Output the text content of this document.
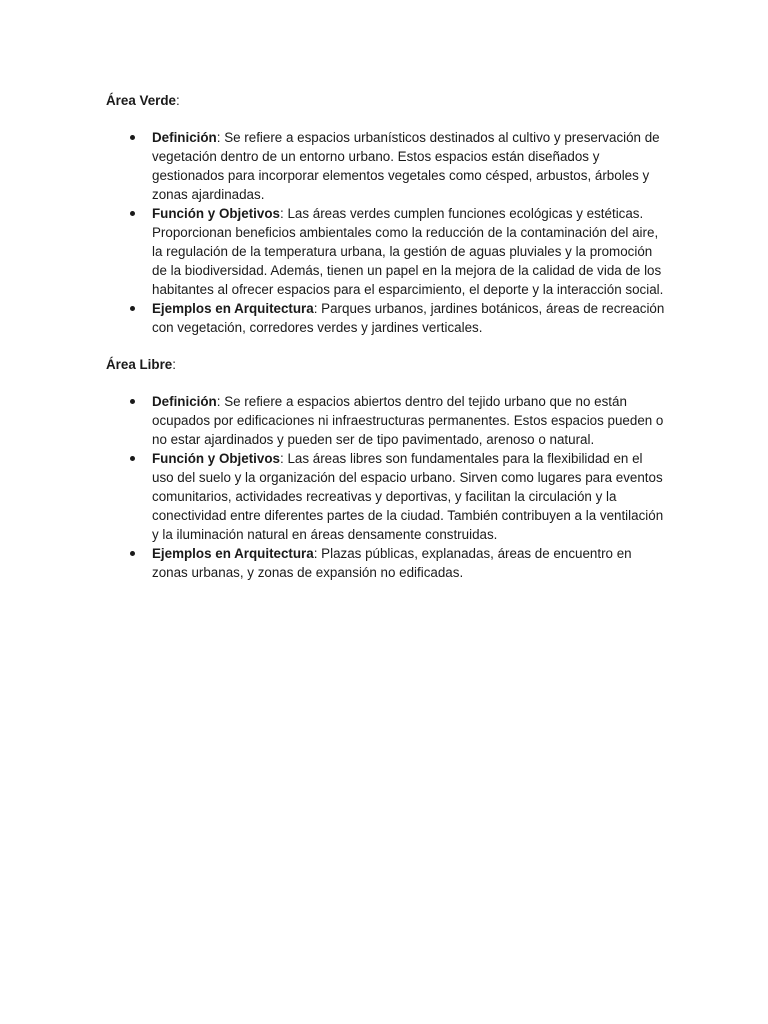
Área Verde:
Definición: Se refiere a espacios urbanísticos destinados al cultivo y preservación de vegetación dentro de un entorno urbano. Estos espacios están diseñados y gestionados para incorporar elementos vegetales como césped, arbustos, árboles y zonas ajardinadas.
Función y Objetivos: Las áreas verdes cumplen funciones ecológicas y estéticas. Proporcionan beneficios ambientales como la reducción de la contaminación del aire, la regulación de la temperatura urbana, la gestión de aguas pluviales y la promoción de la biodiversidad. Además, tienen un papel en la mejora de la calidad de vida de los habitantes al ofrecer espacios para el esparcimiento, el deporte y la interacción social.
Ejemplos en Arquitectura: Parques urbanos, jardines botánicos, áreas de recreación con vegetación, corredores verdes y jardines verticales.
Área Libre:
Definición: Se refiere a espacios abiertos dentro del tejido urbano que no están ocupados por edificaciones ni infraestructuras permanentes. Estos espacios pueden o no estar ajardinados y pueden ser de tipo pavimentado, arenoso o natural.
Función y Objetivos: Las áreas libres son fundamentales para la flexibilidad en el uso del suelo y la organización del espacio urbano. Sirven como lugares para eventos comunitarios, actividades recreativas y deportivas, y facilitan la circulación y la conectividad entre diferentes partes de la ciudad. También contribuyen a la ventilación y la iluminación natural en áreas densamente construidas.
Ejemplos en Arquitectura: Plazas públicas, explanadas, áreas de encuentro en zonas urbanas, y zonas de expansión no edificadas.
